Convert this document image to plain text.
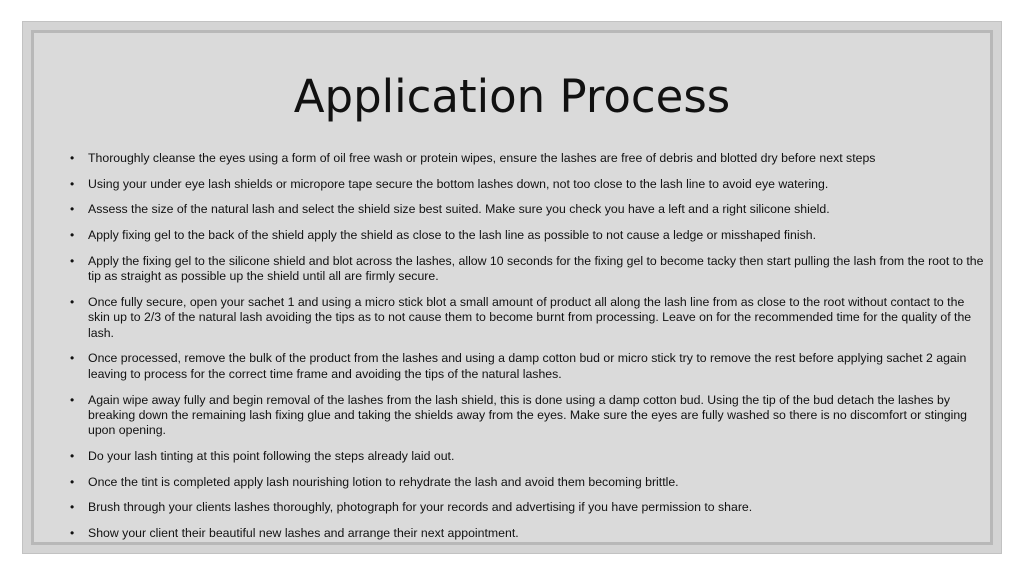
Application Process
• Thoroughly cleanse the eyes using a form of oil free wash or protein wipes, ensure the lashes are free of debris and blotted dry before next steps
• Using your under eye lash shields or micropore tape secure the bottom lashes down, not too close to the lash line to avoid eye watering.
• Assess the size of the natural lash and select the shield size best suited. Make sure you check you have a left and a right silicone shield.
• Apply fixing gel to the back of the shield apply the shield as close to the lash line as possible to not cause a ledge or misshaped finish.
• Apply the fixing gel to the silicone shield and blot across the lashes, allow 10 seconds for the fixing gel to become tacky then start pulling the lash from the root to the tip as straight as possible up the shield until all are firmly secure.
• Once fully secure, open your sachet 1 and using a micro stick blot a small amount of product all along the lash line from as close to the root without contact to the skin up to 2/3 of the natural lash avoiding the tips as to not cause them to become burnt from processing. Leave on for the recommended time for the quality of the lash.
• Once processed, remove the bulk of the product from the lashes and using a damp cotton bud or micro stick try to remove the rest before applying sachet 2 again leaving to process for the correct time frame and avoiding the tips of the natural lashes.
• Again wipe away fully and begin removal of the lashes from the lash shield, this is done using a damp cotton bud. Using the tip of the bud detach the lashes by breaking down the remaining lash fixing glue and taking the shields away from the eyes. Make sure the eyes are fully washed so there is no discomfort or stinging upon opening.
• Do your lash tinting at this point following the steps already laid out.
• Once the tint is completed apply lash nourishing lotion to rehydrate the lash and avoid them becoming brittle.
• Brush through your clients lashes thoroughly, photograph for your records and advertising if you have permission to share.
• Show your client their beautiful new lashes and arrange their next appointment.
